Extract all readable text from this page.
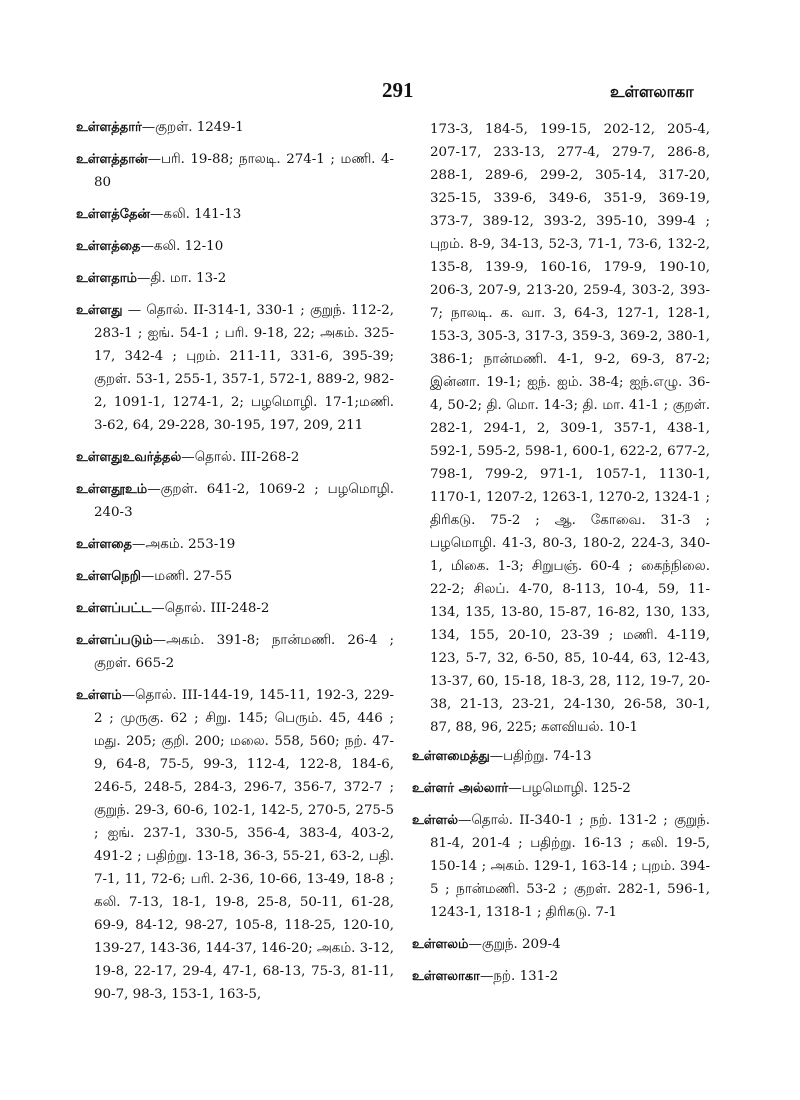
291	உள்ளலாகா
உள்ளத்தார்—குறள். 1249-1
உள்ளத்தான்—பரி. 19-88; நாலடி. 274-1 ; மணி. 4-80
உள்ளத்தேன்—கலி. 141-13
உள்ளத்தை—கலி. 12-10
உள்ளதாம்—தி. மா. 13-2
உள்ளது — தொல். II-314-1, 330-1 ; குறுந். 112-2, 283-1 ; ஐங். 54-1 ; பரி. 9-18, 22; அகம். 325-17, 342-4 ; புறம். 211-11, 331-6, 395-39; குறள். 53-1, 255-1, 357-1, 572-1, 889-2, 982-2, 1091-1, 1274-1, 2; பழமொழி. 17-1;மணி. 3-62, 64, 29-228, 30-195, 197, 209, 211
உள்ளதுஉவர்த்தல்—தொல். III-268-2
உள்ளதூஉம்—குறள். 641-2, 1069-2 ; பழமொழி. 240-3
உள்ளதை—அகம். 253-19
உள்ளநெறி—மணி. 27-55
உள்ளப்பட்ட—தொல். III-248-2
உள்ளப்படும்—அகம். 391-8; நான்மணி. 26-4 ; குறள். 665-2
உள்ளம்—தொல். III-144-19, 145-11, 192-3, 229-2 ; முருகு. 62 ; சிறு. 145; பெரும். 45, 446 ; மது. 205; குறி. 200; மலை. 558, 560; நற். 47-9, 64-8, 75-5, 99-3, 112-4, 122-8, 184-6, 246-5, 248-5, 284-3, 296-7, 356-7, 372-7 ; குறுந். 29-3, 60-6, 102-1, 142-5, 270-5, 275-5 ; ஐங். 237-1, 330-5, 356-4, 383-4, 403-2, 491-2 ; பதிற்று. 13-18, 36-3, 55-21, 63-2, பதி. 7-1, 11, 72-6; பரி. 2-36, 10-66, 13-49, 18-8 ; கலி. 7-13, 18-1, 19-8, 25-8, 50-11, 61-28, 69-9, 84-12, 98-27, 105-8, 118-25, 120-10, 139-27, 143-36, 144-37, 146-20; அகம். 3-12, 19-8, 22-17, 29-4, 47-1, 68-13, 75-3, 81-11, 90-7, 98-3, 153-1, 163-5,
173-3, 184-5, 199-15, 202-12, 205-4, 207-17, 233-13, 277-4, 279-7, 286-8, 288-1, 289-6, 299-2, 305-14, 317-20, 325-15, 339-6, 349-6, 351-9, 369-19, 373-7, 389-12, 393-2, 395-10, 399-4 ; புறம். 8-9, 34-13, 52-3, 71-1, 73-6, 132-2, 135-8, 139-9, 160-16, 179-9, 190-10, 206-3, 207-9, 213-20, 259-4, 303-2, 393-7; நாலடி. க. வா. 3, 64-3, 127-1, 128-1, 153-3, 305-3, 317-3, 359-3, 369-2, 380-1, 386-1; நான்மணி. 4-1, 9-2, 69-3, 87-2; இன்னா. 19-1; ஐந். ஐம். 38-4; ஐந்.எழு. 36-4, 50-2; தி. மொ. 14-3; தி. மா. 41-1 ; குறள். 282-1, 294-1, 2, 309-1, 357-1, 438-1, 592-1, 595-2, 598-1, 600-1, 622-2, 677-2, 798-1, 799-2, 971-1, 1057-1, 1130-1, 1170-1, 1207-2, 1263-1, 1270-2, 1324-1 ; திரிகடு. 75-2 ; ஆ. கோவை. 31-3 ; பழமொழி. 41-3, 80-3, 180-2, 224-3, 340-1, மிகை. 1-3; சிறுபஞ். 60-4 ; கைந்நிலை. 22-2; சிலப். 4-70, 8-113, 10-4, 59, 11-134, 135, 13-80, 15-87, 16-82, 130, 133, 134, 155, 20-10, 23-39 ; மணி. 4-119, 123, 5-7, 32, 6-50, 85, 10-44, 63, 12-43, 13-37, 60, 15-18, 18-3, 28, 112, 19-7, 20-38, 21-13, 23-21, 24-130, 26-58, 30-1, 87, 88, 96, 225; களவியல். 10-1
உள்ளமைத்து—பதிற்று. 74-13
உள்ளர் அல்லார்—பழமொழி. 125-2
உள்ளல்—தொல். II-340-1 ; நற். 131-2 ; குறுந். 81-4, 201-4 ; பதிற்று. 16-13 ; கலி. 19-5, 150-14 ; அகம். 129-1, 163-14 ; புறம். 394-5 ; நான்மணி. 53-2 ; குறள். 282-1, 596-1, 1243-1, 1318-1 ; திரிகடு. 7-1
உள்ளலம்—குறுந். 209-4
உள்ளலாகா—நற். 131-2
